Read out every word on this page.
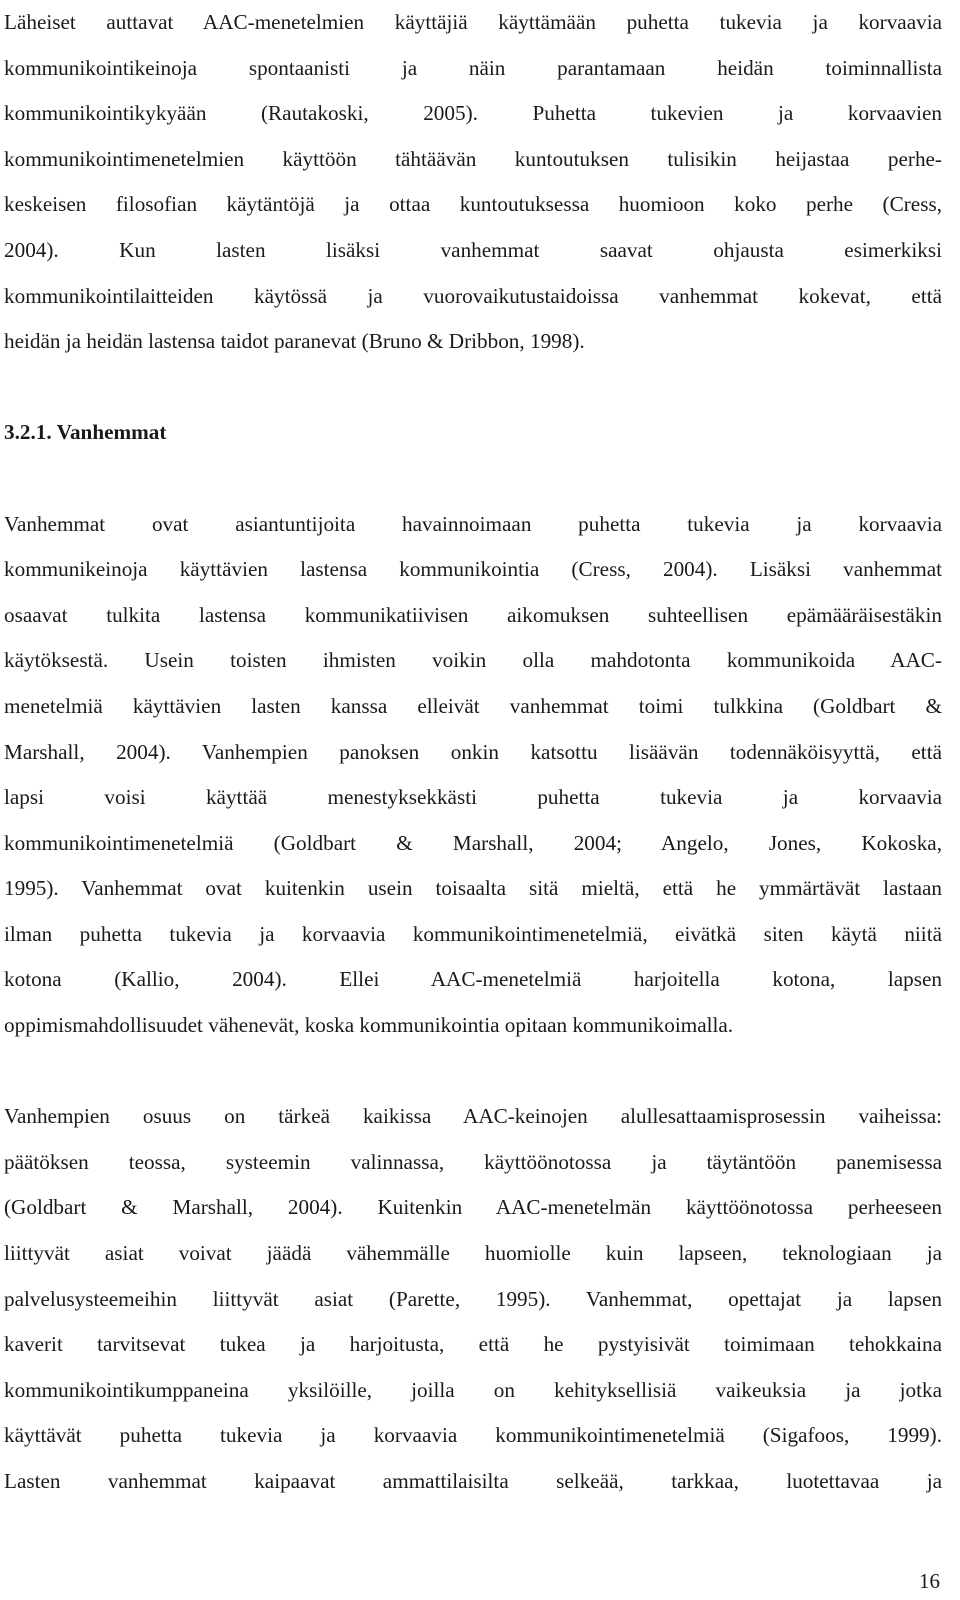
Läheiset auttavat AAC-menetelmien käyttäjiä käyttämään puhetta tukevia ja korvaavia
kommunikointikeinoja spontaanisti ja näin parantamaan heidän toiminnallista
kommunikointikykyään (Rautakoski, 2005). Puhetta tukevien ja korvaavien
kommunikointimenetelmien käyttöön tähtäävän kuntoutuksen tulisikin heijastaa perhe-
keskeisen filosofian käytäntöjä ja ottaa kuntoutuksessa huomioon koko perhe (Cress,
2004). Kun lasten lisäksi vanhemmat saavat ohjausta esimerkiksi
kommunikointilaitteiden käytössä ja vuorovaikutustaidoissa vanhemmat kokevat, että
heidän ja heidän lastensa taidot paranevat (Bruno & Dribbon, 1998).
3.2.1. Vanhemmat
Vanhemmat ovat asiantuntijoita havainnoimaan puhetta tukevia ja korvaavia
kommunikeinoja käyttävien lastensa kommunikointia (Cress, 2004). Lisäksi vanhemmat
osaavat tulkita lastensa kommunikatiivisen aikomuksen suhteellisen epämääräisestäkin
käytöksestä. Usein toisten ihmisten voikin olla mahdotonta kommunikoida AAC-
menetelmiä käyttävien lasten kanssa elleivät vanhemmat toimi tulkkina (Goldbart &
Marshall, 2004). Vanhempien panoksen onkin katsottu lisäävän todennäköisyyttä, että
lapsi voisi käyttää menestyksekkästi puhetta tukevia ja korvaavia
kommunikointimenetelmiä (Goldbart & Marshall, 2004; Angelo, Jones, Kokoska,
1995). Vanhemmat ovat kuitenkin usein toisaalta sitä mieltä, että he ymmärtävät lastaan
ilman puhetta tukevia ja korvaavia kommunikointimenetelmiä, eivätkä siten käytä niitä
kotona (Kallio, 2004). Ellei AAC-menetelmiä harjoitella kotona, lapsen
oppimismahdollisuudet vähenevät, koska kommunikointia opitaan kommunikoimalla.
Vanhempien osuus on tärkeä kaikissa AAC-keinojen alullesattaamisprosessin vaiheissa:
päätöksen teossa, systeemin valinnassa, käyttöönotossa ja täytäntöön panemisessa
(Goldbart & Marshall, 2004). Kuitenkin AAC-menetelmän käyttöönotossa perheeseen
liittyvät asiat voivat jäädä vähemmälle huomiolle kuin lapseen, teknologiaan ja
palvelusysteemeihin liittyvät asiat (Parette, 1995). Vanhemmat, opettajat ja lapsen
kaverit tarvitsevat tukea ja harjoitusta, että he pystyisivät toimimaan tehokkaina
kommunikointikumppaneina yksilöille, joilla on kehityksellisiä vaikeuksia ja jotka
käyttävät puhetta tukevia ja korvaavia kommunikointimenetelmiä (Sigafoos, 1999).
Lasten vanhemmat kaipaavat ammattilaisilta selkeää, tarkkaa, luotettavaa ja
16
